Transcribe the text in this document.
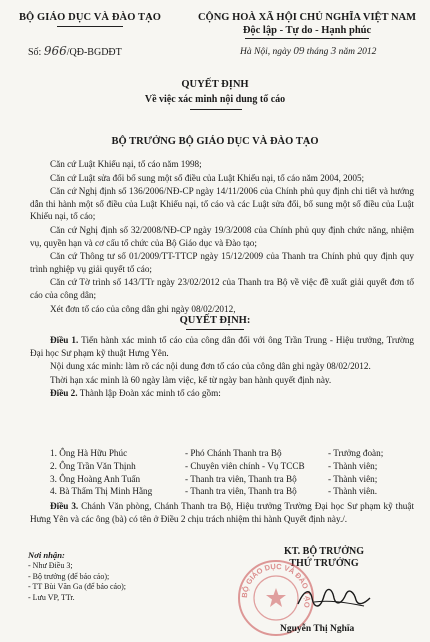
BỘ GIÁO DỤC VÀ ĐÀO TẠO	CỘNG HOÀ XÃ HỘI CHỦ NGHĨA VIỆT NAM
Độc lập - Tự do - Hạnh phúc
Số: 966/QĐ-BGDĐT	Hà Nội, ngày 09 tháng 3 năm 2012
QUYẾT ĐỊNH
Về việc xác minh nội dung tố cáo
BỘ TRƯỞNG BỘ GIÁO DỤC VÀ ĐÀO TẠO

Căn cứ Luật Khiếu nại, tố cáo năm 1998;

Căn cứ Luật sửa đổi bổ sung một số điều của Luật Khiếu nại, tố cáo năm 2004, 2005;

Căn cứ Nghị định số 136/2006/NĐ-CP ngày 14/11/2006 của Chính phủ quy định chi tiết và hướng dẫn thi hành một số điều của Luật Khiếu nại, tố cáo và các Luật sửa đổi, bổ sung một số điều của Luật Khiếu nại, tố cáo;

Căn cứ Nghị định số 32/2008/NĐ-CP ngày 19/3/2008 của Chính phủ quy định chức năng, nhiệm vụ, quyền hạn và cơ cấu tổ chức của Bộ Giáo dục và Đào tạo;

Căn cứ Thông tư số 01/2009/TT-TTCP ngày 15/12/2009 của Thanh tra Chính phủ quy định quy trình nghiệp vụ giải quyết tố cáo;

Căn cứ Tờ trình số 143/TTr ngày 23/02/2012 của Thanh tra Bộ về việc đề xuất giải quyết đơn tố cáo của công dân;

Xét đơn tố cáo của công dân ghi ngày 08/02/2012,

QUYẾT ĐỊNH:

Điều 1. Tiến hành xác minh tố cáo của công dân đối với ông Trần Trung - Hiệu trưởng, Trường Đại học Sư phạm kỹ thuật Hưng Yên.

Nội dung xác minh: làm rõ các nội dung đơn tố cáo của công dân ghi ngày 08/02/2012.

Thời hạn xác minh là 60 ngày làm việc, kể từ ngày ban hành quyết định này.

Điều 2. Thành lập Đoàn xác minh tố cáo gồm:

1. Ông Hà Hữu Phúc	- Phó Chánh Thanh tra Bộ	- Trưởng đoàn;
2. Ông Trần Văn Thịnh	- Chuyên viên chính - Vụ TCCB	- Thành viên;
3. Ông Hoàng Anh Tuấn	- Thanh tra viên, Thanh tra Bộ	- Thành viên;
4. Bà Thẩm Thị Minh Hằng	- Thanh tra viên, Thanh tra Bộ	- Thành viên.

Điều 3. Chánh Văn phòng, Chánh Thanh tra Bộ, Hiệu trưởng Trường Đại học Sư phạm kỹ thuật Hưng Yên và các ông (bà) có tên ở Điều 2 chịu trách nhiệm thi hành Quyết định này./.

Nơi nhận:
- Như Điều 3;
- Bộ trưởng (để báo cáo);
- TT Bùi Văn Ga (để báo cáo);
- Lưu VP, TTr.
KT. BỘ TRƯỞNG
THỨ TRƯỞNG
BỘ GIÁO DỤC VÀ ĐÀO TẠO
Nguyễn Thị Nghĩa
